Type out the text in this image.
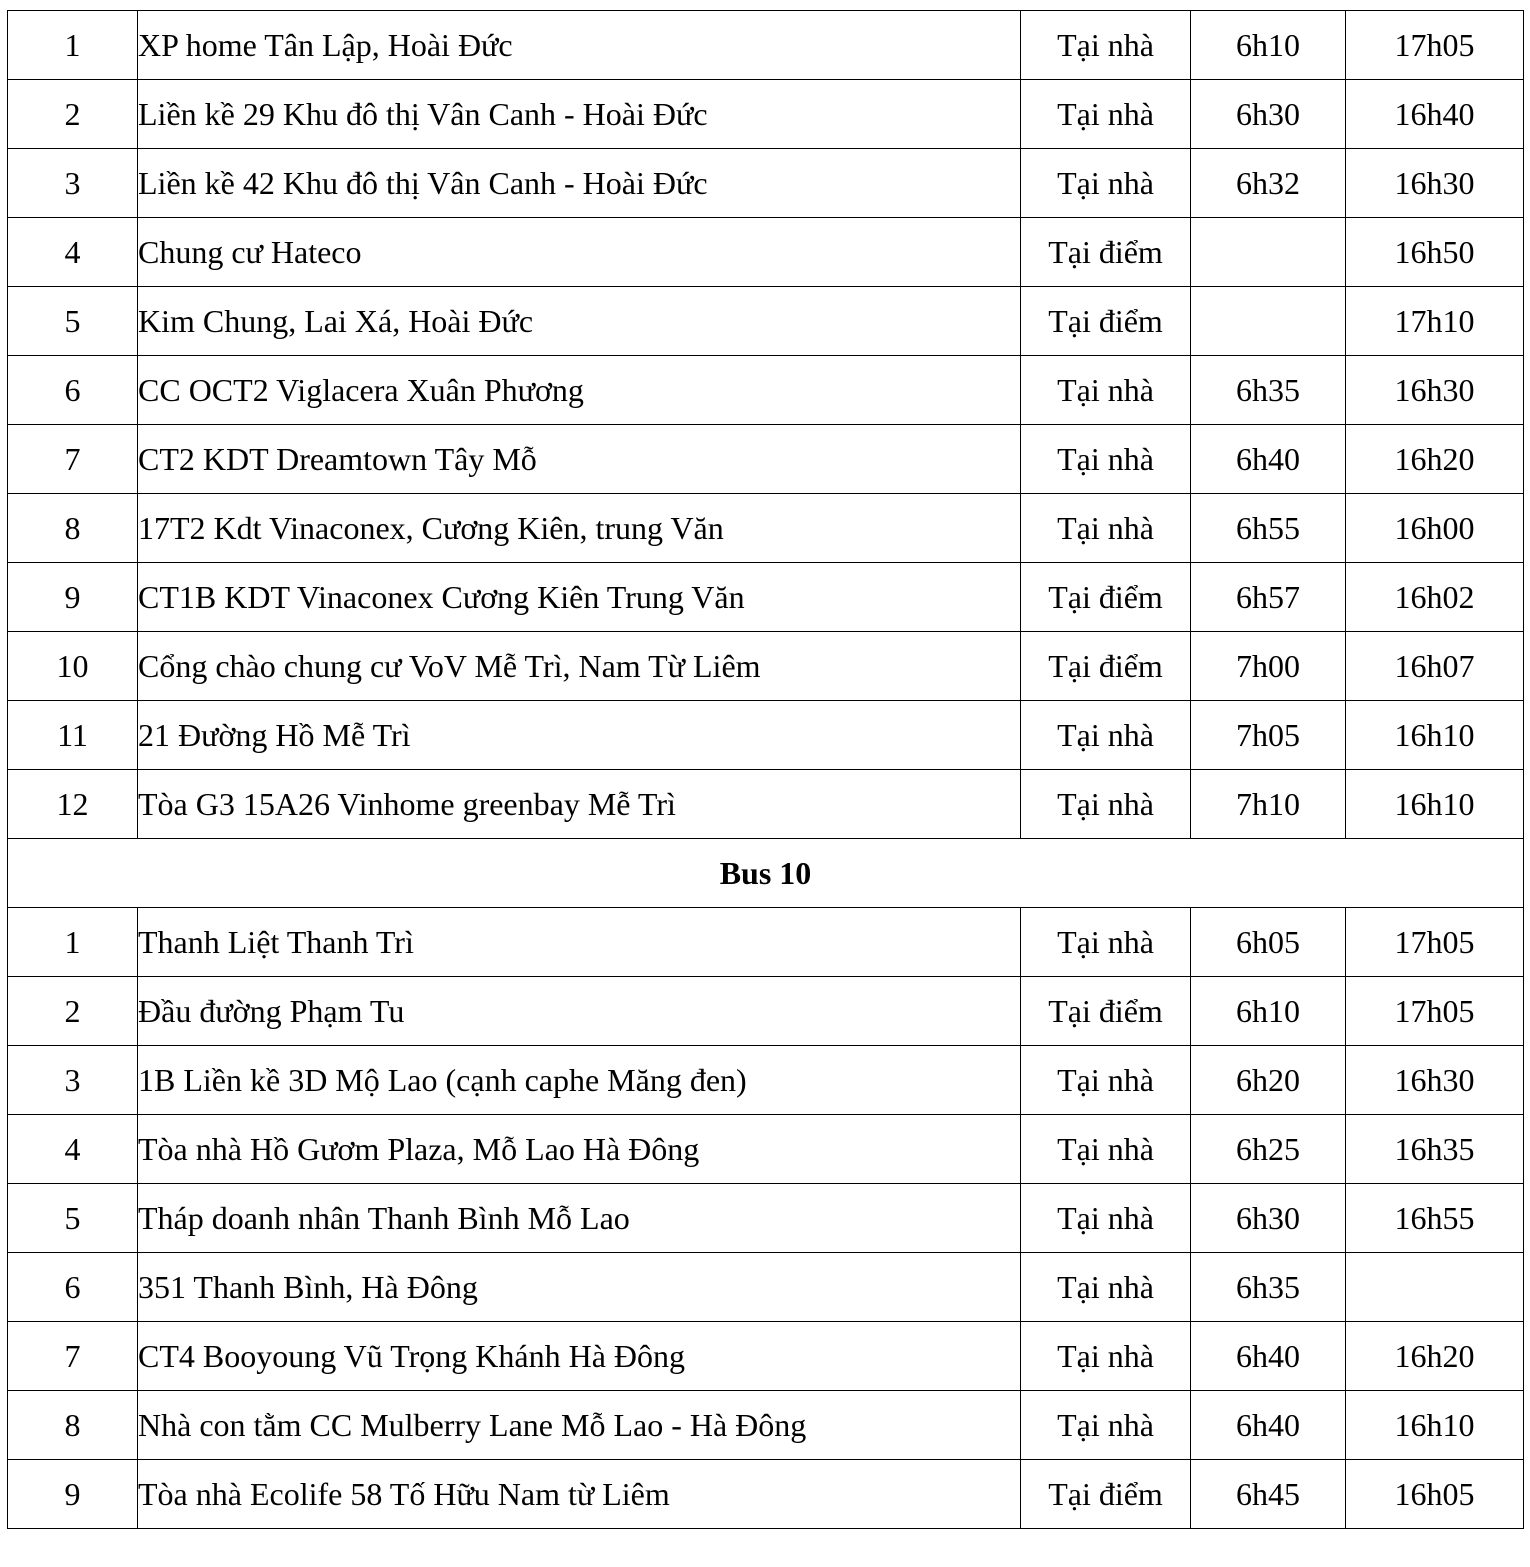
1	XP home Tân Lập, Hoài Đức	Tại nhà	6h10	17h05
2	Liền kề 29 Khu đô thị Vân Canh - Hoài Đức	Tại nhà	6h30	16h40
3	Liền kề 42 Khu đô thị Vân Canh - Hoài Đức	Tại nhà	6h32	16h30
4	Chung cư Hateco	Tại điểm		16h50
5	Kim Chung, Lai Xá, Hoài Đức	Tại điểm		17h10
6	CC OCT2 Viglacera Xuân Phương	Tại nhà	6h35	16h30
7	CT2 KDT Dreamtown Tây Mỗ	Tại nhà	6h40	16h20
8	17T2 Kdt Vinaconex, Cương Kiên, trung Văn	Tại nhà	6h55	16h00
9	CT1B KDT Vinaconex Cương Kiên Trung Văn	Tại điểm	6h57	16h02
10	Cổng chào chung cư VoV Mễ Trì, Nam Từ Liêm	Tại điểm	7h00	16h07
11	21 Đường Hồ Mễ Trì	Tại nhà	7h05	16h10
12	Tòa G3 15A26 Vinhome greenbay Mễ Trì	Tại nhà	7h10	16h10
Bus 10				
1	Thanh Liệt Thanh Trì	Tại nhà	6h05	17h05
2	Đầu đường Phạm Tu	Tại điểm	6h10	17h05
3	1B Liền kề 3D Mộ Lao (cạnh caphe Măng đen)	Tại nhà	6h20	16h30
4	Tòa nhà Hồ Gươm Plaza, Mỗ Lao Hà Đông	Tại nhà	6h25	16h35
5	Tháp doanh nhân Thanh Bình Mỗ Lao	Tại nhà	6h30	16h55
6	351 Thanh Bình, Hà Đông	Tại nhà	6h35	
7	CT4 Booyoung Vũ Trọng Khánh Hà Đông	Tại nhà	6h40	16h20
8	Nhà con tằm CC Mulberry Lane Mỗ Lao - Hà Đông	Tại nhà	6h40	16h10
9	Tòa nhà Ecolife 58 Tố Hữu Nam từ Liêm	Tại điểm	6h45	16h05
